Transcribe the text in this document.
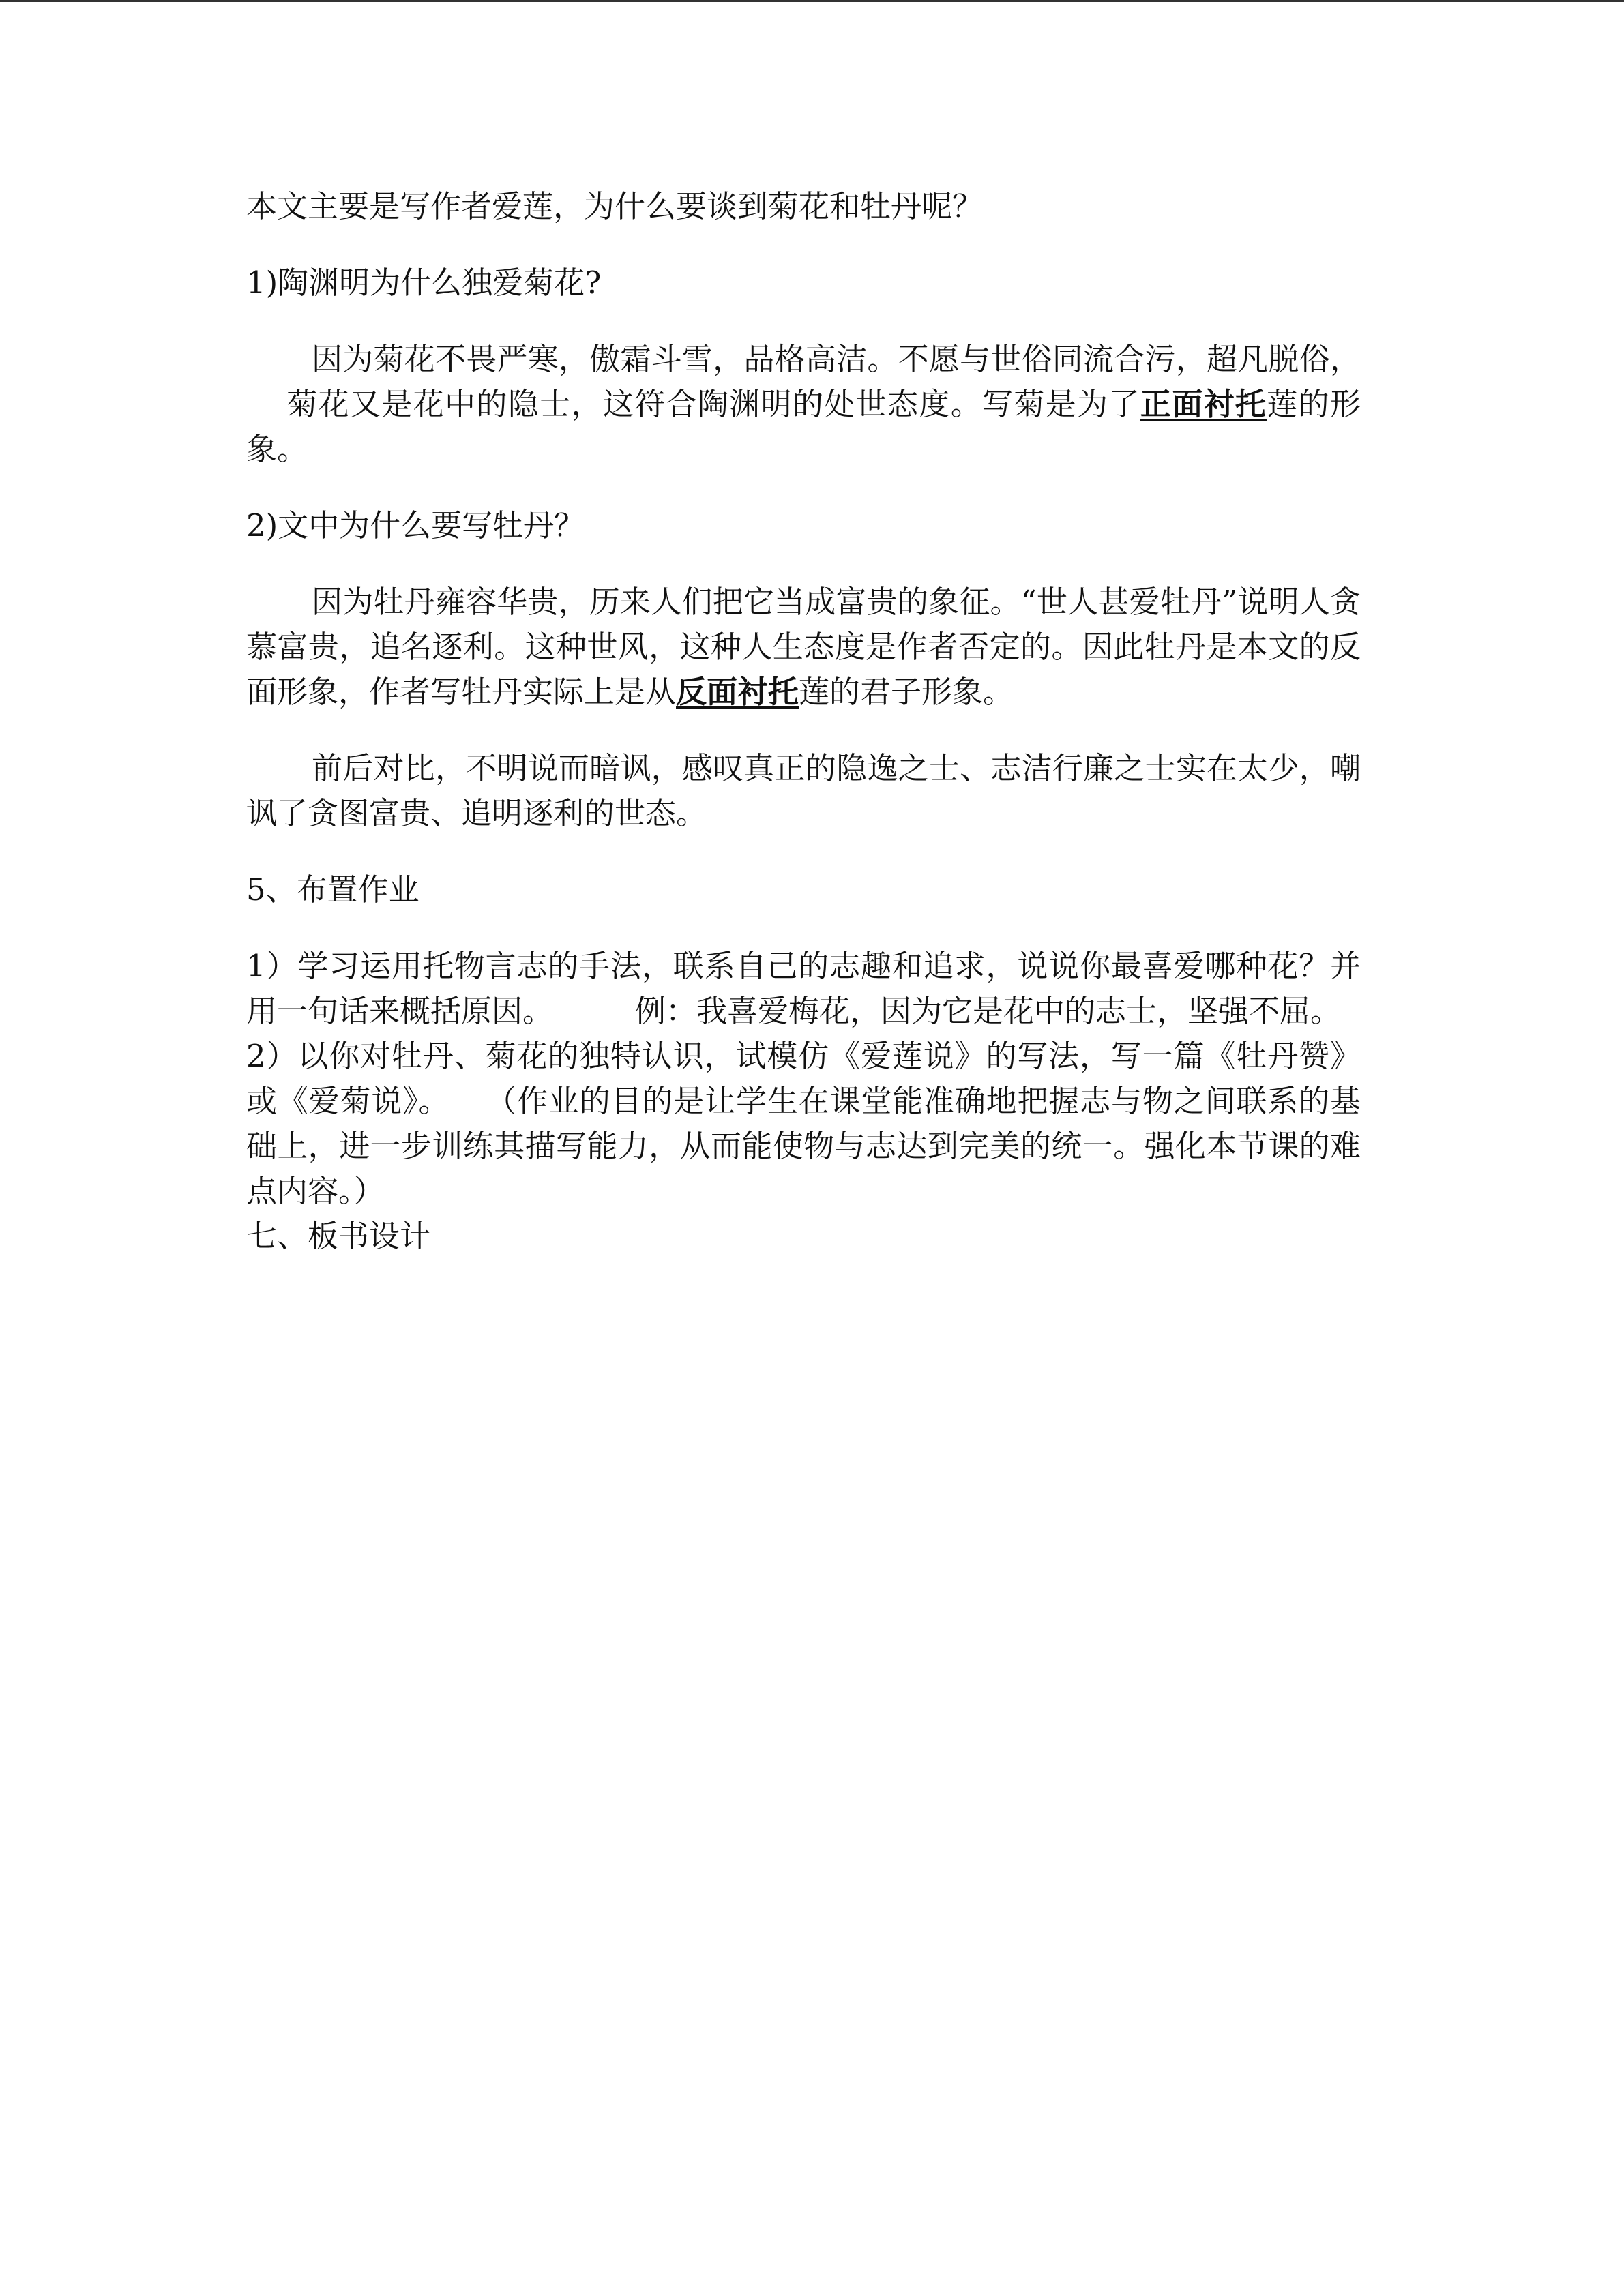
本文主要是写作者爱莲，为什么要谈到菊花和牡丹呢？

1)陶渊明为什么独爱菊花?

因为菊花不畏严寒，傲霜斗雪，品格高洁。不愿与世俗同流合污，超凡脱俗，菊花又是花中的隐士，这符合陶渊明的处世态度。写菊是为了正面衬托莲的形象。

2)文中为什么要写牡丹？

因为牡丹雍容华贵，历来人们把它当成富贵的象征。“世人甚爱牡丹”说明人贪慕富贵，追名逐利。这种世风，这种人生态度是作者否定的。因此牡丹是本文的反面形象，作者写牡丹实际上是从反面衬托莲的君子形象。

前后对比，不明说而暗讽，感叹真正的隐逸之士、志洁行廉之士实在太少，嘲讽了贪图富贵、追明逐利的世态。

5、布置作业

1）学习运用托物言志的手法，联系自己的志趣和追求，说说你最喜爱哪种花？并用一句话来概括原因。	例：我喜爱梅花，因为它是花中的志士，坚强不屈。

2）以你对牡丹、菊花的独特认识，试模仿《爱莲说》的写法，写一篇《牡丹赞》或《爱菊说》。 （作业的目的是让学生在课堂能准确地把握志与物之间联系的基础上，进一步训练其描写能力，从而能使物与志达到完美的统一。强化本节课的难点内容。）

七、板书设计
